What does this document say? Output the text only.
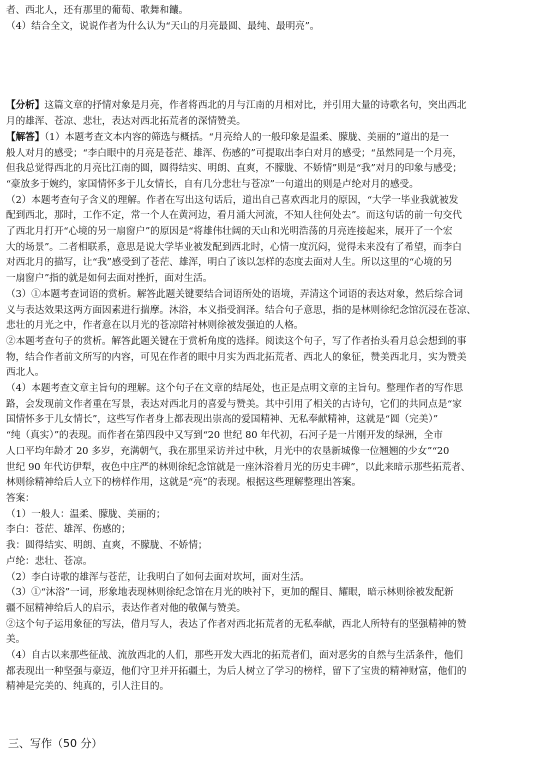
者、西北人，还有那里的葡萄、歌舞和饢。

（4）结合全文，说说作者为什么认为“天山的月亮最圆、最纯、最明亮”。

【分析】这篇文章的抒情对象是月亮，作者将西北的月与江南的月相对比，并引用大量的诗歌名句，突出西北

月的雄浑、苍凉、悲壮，表达对西北拓荒者的深情赞美。

【解答】（1）本题考查文本内容的筛选与概括。“月亮给人的一般印象是温柔、朦胧、美丽的”道出的是一

般人对月的感受；“李白眼中的月亮是苍茫、雄浑、伤感的”可提取出李白对月的感受；“虽然同是一个月亮，

但我总觉得西北的月亮比江南的圆，圆得结实、明朗、直爽，不朦胧、不娇情”则是“我”对月的印象与感受；

“豪放多于婉约，家国情怀多于儿女情长，自有几分悲壮与苍凉”一句道出的则是卢纶对月的感受。

（2）本题考查句子含义的理解。作者在写出这句话后，道出自己喜欢西北月的原因，“大学一毕业我就被发

配到西北，那时，工作不定，常一个人在黄河边，看月涌大河流，不知人往何处去”。而这句话的前一句交代

了西北月打开“心境的另一扇窗户”的原因是“将雄伟壮阔的天山和光明浩荡的月亮连接起来，展开了一个宏

大的场景”。二者相联系，意思是说大学毕业被发配到西北时，心情一度沉闷，觉得未来没有了希望，而李白

对西北月的描写，让“我”感受到了苍茫、雄浑，明白了该以怎样的态度去面对人生。所以这里的“心境的另

一扇窗户”指的就是如何去面对挫折，面对生活。

（3）①本题考查词语的赏析。解答此题关键要结合词语所处的语境，弄清这个词语的表达对象，然后综合词

义与表达效果这两方面因素进行揣摩。沐浴，本义指受润泽。结合句子意思，指的是林则徐纪念馆沉浸在苍凉、

悲壮的月光之中，作者意在以月光的苍凉陪衬林则徐被发强迫的人格。

②本题考查句子的赏析。解答此题关键在于赏析角度的选择。阅读这个句子，写了作者抬头看月总会想到的事

物，结合作者前文所写的内容，可见在作者的眼中月实为西北拓荒者、西北人的象征，赞美西北月，实为赞美

西北人。

（4）本题考查文章主旨句的理解。这个句子在文章的结尾处，也正是点明文章的主旨句。整理作者的写作思

路，会发现前文作者重在写景，表达对西北月的喜爱与赞美。其中引用了相关的古诗句，它们的共同点是“家

国情怀多于儿女情长”，这些写作者身上都表现出崇高的爱国精神、无私奉献精神，这就是“圆（完美）”

“纯（真实）”的表现。而作者在第四段中又写到“20 世纪 80 年代初，石河子是一片刚开发的绿洲，全市

人口平均年龄才 20 多岁，充满朝气，我在那里采访并过中秋，月光中的农垦新城像一位翘翘的少女”“20

世纪 90 年代访伊犁，夜色中庄严的林则徐纪念馆就是一座沐浴着月光的历史丰碑”，以此来暗示那些拓荒者、

林则徐精神给后人立下的榜样作用，这就是“亮”的表现。根据这些理解整理出答案。

答案：

（1）一般人：温柔、朦胧、美丽的；

李白：苍茫、雄浑、伤感的；

我：圆得结实、明朗、直爽，不朦胧、不娇情；

卢纶：悲壮、苍凉。

（2）李白诗歌的雄浑与苍茫，让我明白了如何去面对坎坷，面对生活。

（3）①“沐浴”一词，形象地表现林则徐纪念馆在月光的映衬下，更加的醒目、耀眼，暗示林则徐被发配新

疆不屈精神给后人的启示，表达作者对他的敬佩与赞美。

②这个句子运用象征的写法，借月写人，表达了作者对西北拓荒者的无私奉献，西北人所特有的坚强精神的赞

美。

（4）自古以来那些征战、流放西北的人们，那些开发大西北的拓荒者们，面对恶劣的自然与生活条件，他们

都表现出一种坚强与豪迈，他们守卫并开拓疆土，为后人树立了学习的榜样，留下了宝贵的精神财富，他们的

精神是完美的、纯真的，引人注目的。

三、写作（50 分）
